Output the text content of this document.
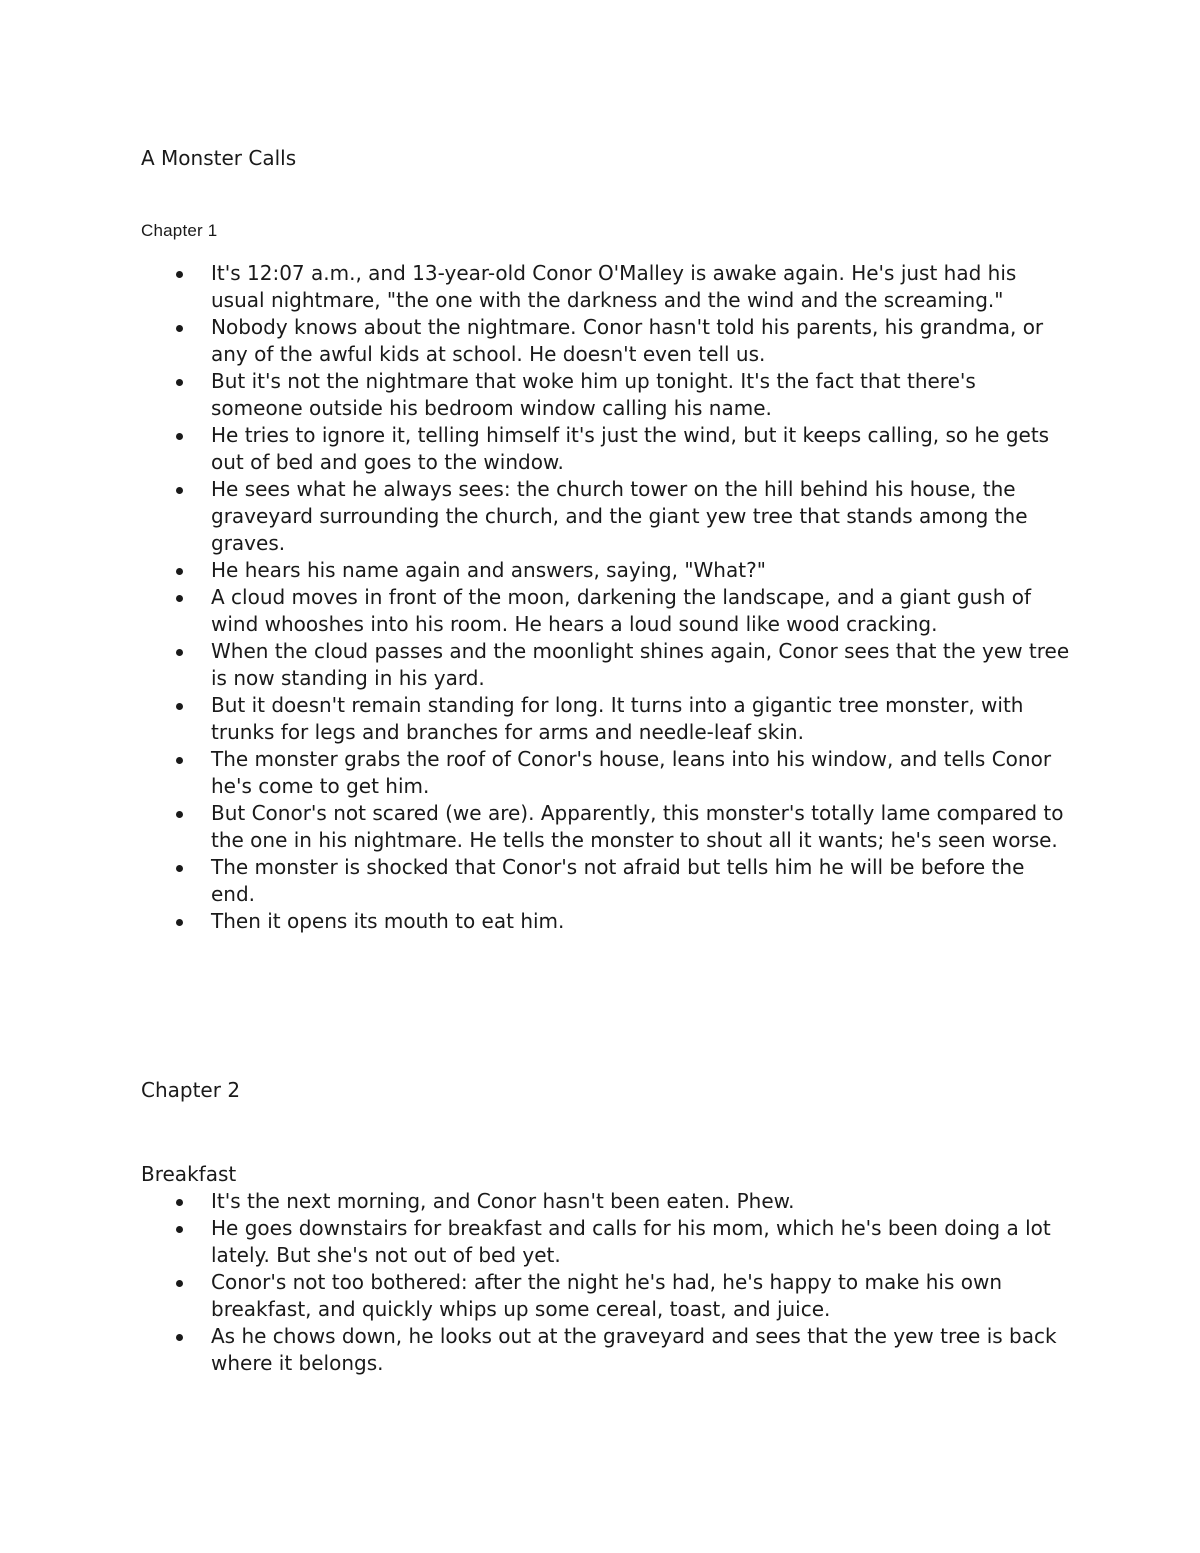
A Monster Calls
Chapter 1
It's 12:07 a.m., and 13-year-old Conor O'Malley is awake again. He's just had his usual nightmare, "the one with the darkness and the wind and the screaming."
Nobody knows about the nightmare. Conor hasn't told his parents, his grandma, or any of the awful kids at school. He doesn't even tell us.
But it's not the nightmare that woke him up tonight. It's the fact that there's someone outside his bedroom window calling his name.
He tries to ignore it, telling himself it's just the wind, but it keeps calling, so he gets out of bed and goes to the window.
He sees what he always sees: the church tower on the hill behind his house, the graveyard surrounding the church, and the giant yew tree that stands among the graves.
He hears his name again and answers, saying, "What?"
A cloud moves in front of the moon, darkening the landscape, and a giant gush of wind whooshes into his room. He hears a loud sound like wood cracking.
When the cloud passes and the moonlight shines again, Conor sees that the yew tree is now standing in his yard.
But it doesn't remain standing for long. It turns into a gigantic tree monster, with trunks for legs and branches for arms and needle-leaf skin.
The monster grabs the roof of Conor's house, leans into his window, and tells Conor he's come to get him.
But Conor's not scared (we are). Apparently, this monster's totally lame compared to the one in his nightmare. He tells the monster to shout all it wants; he's seen worse.
The monster is shocked that Conor's not afraid but tells him he will be before the end.
Then it opens its mouth to eat him.
Chapter 2
Breakfast
It's the next morning, and Conor hasn't been eaten. Phew.
He goes downstairs for breakfast and calls for his mom, which he's been doing a lot lately. But she's not out of bed yet.
Conor's not too bothered: after the night he's had, he's happy to make his own breakfast, and quickly whips up some cereal, toast, and juice.
As he chows down, he looks out at the graveyard and sees that the yew tree is back where it belongs.
